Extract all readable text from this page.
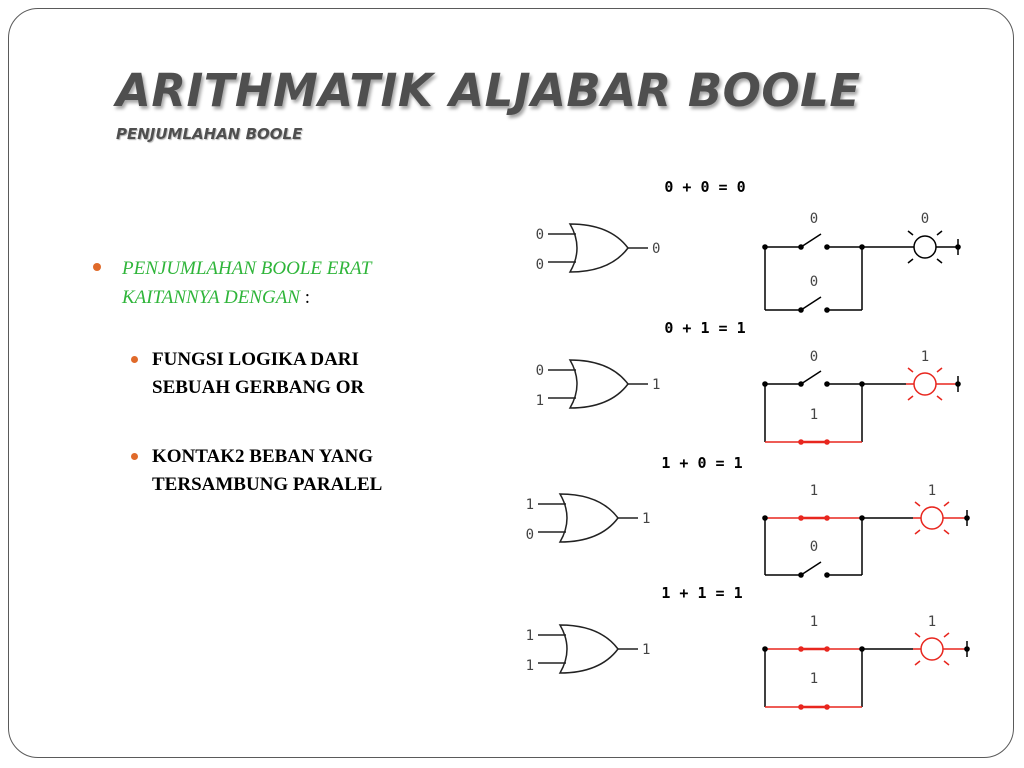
ARITHMATIK ALJABAR BOOLE
PENJUMLAHAN BOOLE
PENJUMLAHAN BOOLE ERAT
KAITANNYA DENGAN :
FUNGSI LOGIKA DARI
SEBUAH GERBANG OR
KONTAK2 BEBAN YANG
TERSAMBUNG PARALEL
0 + 0 = 0
0
0
0
0
0
0
0 + 1 = 1
0
1
1
0
1
1
1 + 0 = 1
1
0
1
1
0
1
1 + 1 = 1
1
1
1
1
1
1
